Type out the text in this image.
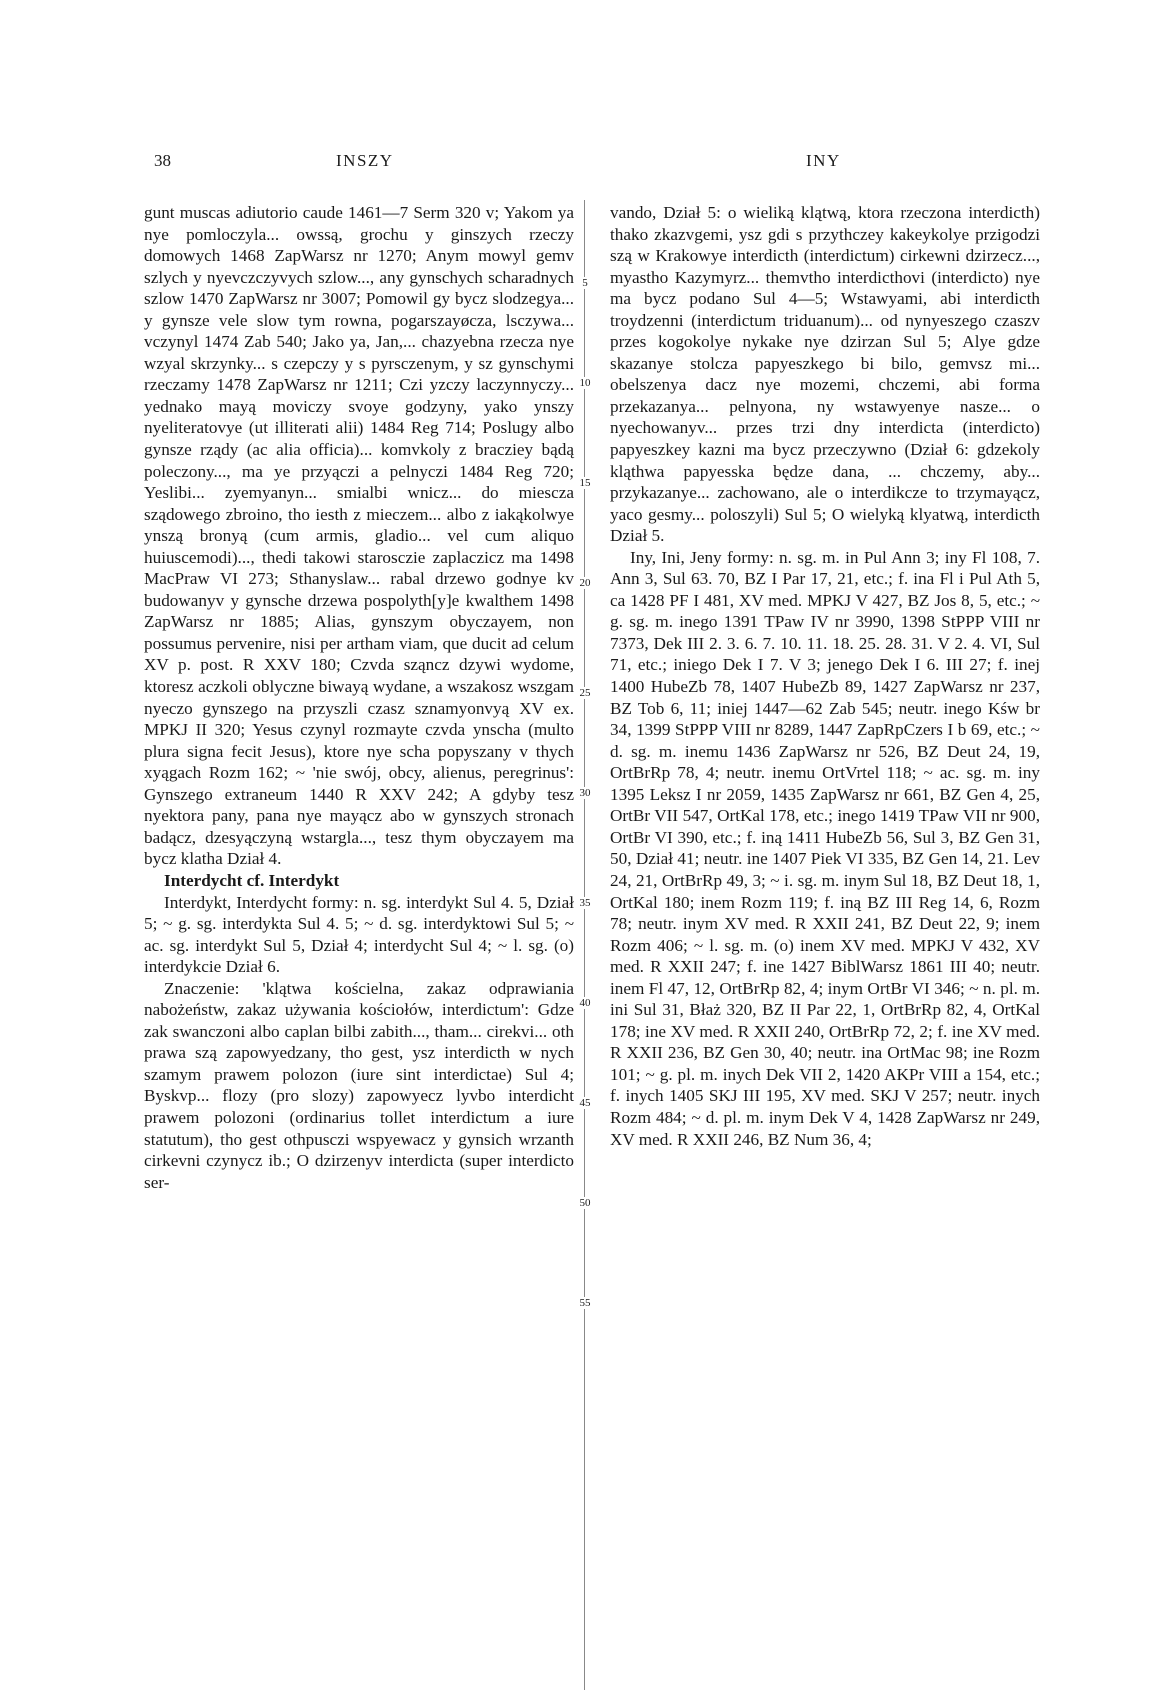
38	INSZY	INY
5
10
15
20
25
30
35
40
45
50
55

gunt muscas adiutorio caude 1461—7 Serm 320 v; Yakom ya nye pomloczyla... owssą, grochu y ginszych rzeczy domowych 1468 ZapWarsz nr 1270; Anym mowyl gemv szlych y nyevczczyvych szlow..., any gynschych scharadnych szlow 1470 ZapWarsz nr 3007; Pomowil gy bycz slodzegya... y gynsze vele slow tym rowna, pogarszayøcza, lsczywa... vczynyl 1474 Zab 540; Jako ya, Jan,... chazyebna rzecza nye wzyal skrzynky... s czepczy y s pyrsczenym, y sz gynschymi rzeczamy 1478 ZapWarsz nr 1211; Czi yzczy laczynnyczy... yednako mayą moviczy svoye godzyny, yako ynszy nyeliteratovye (ut illiterati alii) 1484 Reg 714; Poslugy albo gynsze rządy (ac alia officia)... komvkoly z bracziey bądą poleczony..., ma ye przyączi a pelnyczi 1484 Reg 720; Yeslibi... zyemyanyn... smialbi wnicz... do miescza sządowego zbroino, tho iesth z mieczem... albo z iakąkolwye ynszą bronyą (cum armis, gladio... vel cum aliquo huiuscemodi)..., thedi takowi starosczie zaplaczicz ma 1498 MacPraw VI 273; Sthanyslaw... rabal drzewo godnye kv budowanyv y gynsche drzewa pospolyth[y]e kwalthem 1498 ZapWarsz nr 1885; Alias, gynszym obyczayem, non possumus pervenire, nisi per artham viam, que ducit ad celum XV p. post. R XXV 180; Czvda sząncz dzywi wydome, ktoresz aczkoli oblyczne biwayą wydane, a wszakosz wszgam nyeczo gynszego na przyszli czasz sznamyonvyą XV ex. MPKJ II 320; Yesus czynyl rozmayte czvda ynscha (multo plura signa fecit Jesus), ktore nye scha popyszany v thych xyągach Rozm 162; ~ 'nie swój, obcy, alienus, peregrinus': Gynszego extraneum 1440 R XXV 242; A gdyby tesz nyektora pany, pana nye mayącz abo w gynszych stronach badącz, dzesyączyną wstargla..., tesz thym obyczayem ma bycz klatha Dział 4.

Interdycht cf. Interdykt

Interdykt, Interdycht formy: n. sg. interdykt Sul 4. 5, Dział 5; ~ g. sg. interdykta Sul 4. 5; ~ d. sg. interdyktowi Sul 5; ~ ac. sg. interdykt Sul 5, Dział 4; interdycht Sul 4; ~ l. sg. (o) interdykcie Dział 6.

Znaczenie: 'klątwa kościelna, zakaz odprawiania nabożeństw, zakaz używania kościołów, interdictum': Gdze zak swanczoni albo caplan bilbi zabith..., tham... cirekvi... oth prawa szą zapowyedzany, tho gest, ysz interdicth w nych szamym prawem polozon (iure sint interdictae) Sul 4; Byskvp... flozy (pro slozy) zapowyecz lyvbo interdicht prawem polozoni (ordinarius tollet interdictum a iure statutum), tho gest othpusczi wspyewacz y gynsich wrzanth cirkevni czynycz ib.; O dzirzenyv interdicta (super interdicto ser-

vando, Dział 5: o wieliką klątwą, ktora rzeczona interdicth) thako zkazvgemi, ysz gdi s przythczey kakeykolye przigodzi szą w Krakowye interdicth (interdictum) cirkewni dzirzecz..., myastho Kazymyrz... themvtho interdicthovi (interdicto) nye ma bycz podano Sul 4—5; Wstawyami, abi interdicth troydzenni (interdictum triduanum)... od nynyeszego czaszv przes kogokolye nykake nye dzirzan Sul 5; Alye gdze skazanye stolcza papyeszkego bi bilo, gemvsz mi... obelszenya dacz nye mozemi, chczemi, abi forma przekazanya... pelnyona, ny wstawyenye nasze... o nyechowanyv... przes trzi dny interdicta (interdicto) papyeszkey kazni ma bycz przeczywno (Dział 6: gdzekoly kląthwa papyesska będze dana, ... chczemy, aby... przykazanye... zachowano, ale o interdikcze to trzymayącz, yaco gesmy... poloszyli) Sul 5; O wielyką klyatwą, interdicth Dział 5.

Iny, Ini, Jeny formy: n. sg. m. in Pul Ann 3; iny Fl 108, 7. Ann 3, Sul 63. 70, BZ I Par 17, 21, etc.; f. ina Fl i Pul Ath 5, ca 1428 PF I 481, XV med. MPKJ V 427, BZ Jos 8, 5, etc.; ~ g. sg. m. inego 1391 TPaw IV nr 3990, 1398 StPPP VIII nr 7373, Dek III 2. 3. 6. 7. 10. 11. 18. 25. 28. 31. V 2. 4. VI, Sul 71, etc.; iniego Dek I 7. V 3; jenego Dek I 6. III 27; f. inej 1400 HubeZb 78, 1407 HubeZb 89, 1427 ZapWarsz nr 237, BZ Tob 6, 11; iniej 1447—62 Zab 545; neutr. inego Kśw br 34, 1399 StPPP VIII nr 8289, 1447 ZapRpCzers I b 69, etc.; ~ d. sg. m. inemu 1436 ZapWarsz nr 526, BZ Deut 24, 19, OrtBrRp 78, 4; neutr. inemu OrtVrtel 118; ~ ac. sg. m. iny 1395 Leksz I nr 2059, 1435 ZapWarsz nr 661, BZ Gen 4, 25, OrtBr VII 547, OrtKal 178, etc.; inego 1419 TPaw VII nr 900, OrtBr VI 390, etc.; f. iną 1411 HubeZb 56, Sul 3, BZ Gen 31, 50, Dział 41; neutr. ine 1407 Piek VI 335, BZ Gen 14, 21. Lev 24, 21, OrtBrRp 49, 3; ~ i. sg. m. inym Sul 18, BZ Deut 18, 1, OrtKal 180; inem Rozm 119; f. iną BZ III Reg 14, 6, Rozm 78; neutr. inym XV med. R XXII 241, BZ Deut 22, 9; inem Rozm 406; ~ l. sg. m. (o) inem XV med. MPKJ V 432, XV med. R XXII 247; f. ine 1427 BiblWarsz 1861 III 40; neutr. inem Fl 47, 12, OrtBrRp 82, 4; inym OrtBr VI 346; ~ n. pl. m. ini Sul 31, Błaż 320, BZ II Par 22, 1, OrtBrRp 82, 4, OrtKal 178; ine XV med. R XXII 240, OrtBrRp 72, 2; f. ine XV med. R XXII 236, BZ Gen 30, 40; neutr. ina OrtMac 98; ine Rozm 101; ~ g. pl. m. inych Dek VII 2, 1420 AKPr VIII a 154, etc.; f. inych 1405 SKJ III 195, XV med. SKJ V 257; neutr. inych Rozm 484; ~ d. pl. m. inym Dek V 4, 1428 ZapWarsz nr 249, XV med. R XXII 246, BZ Num 36, 4;
